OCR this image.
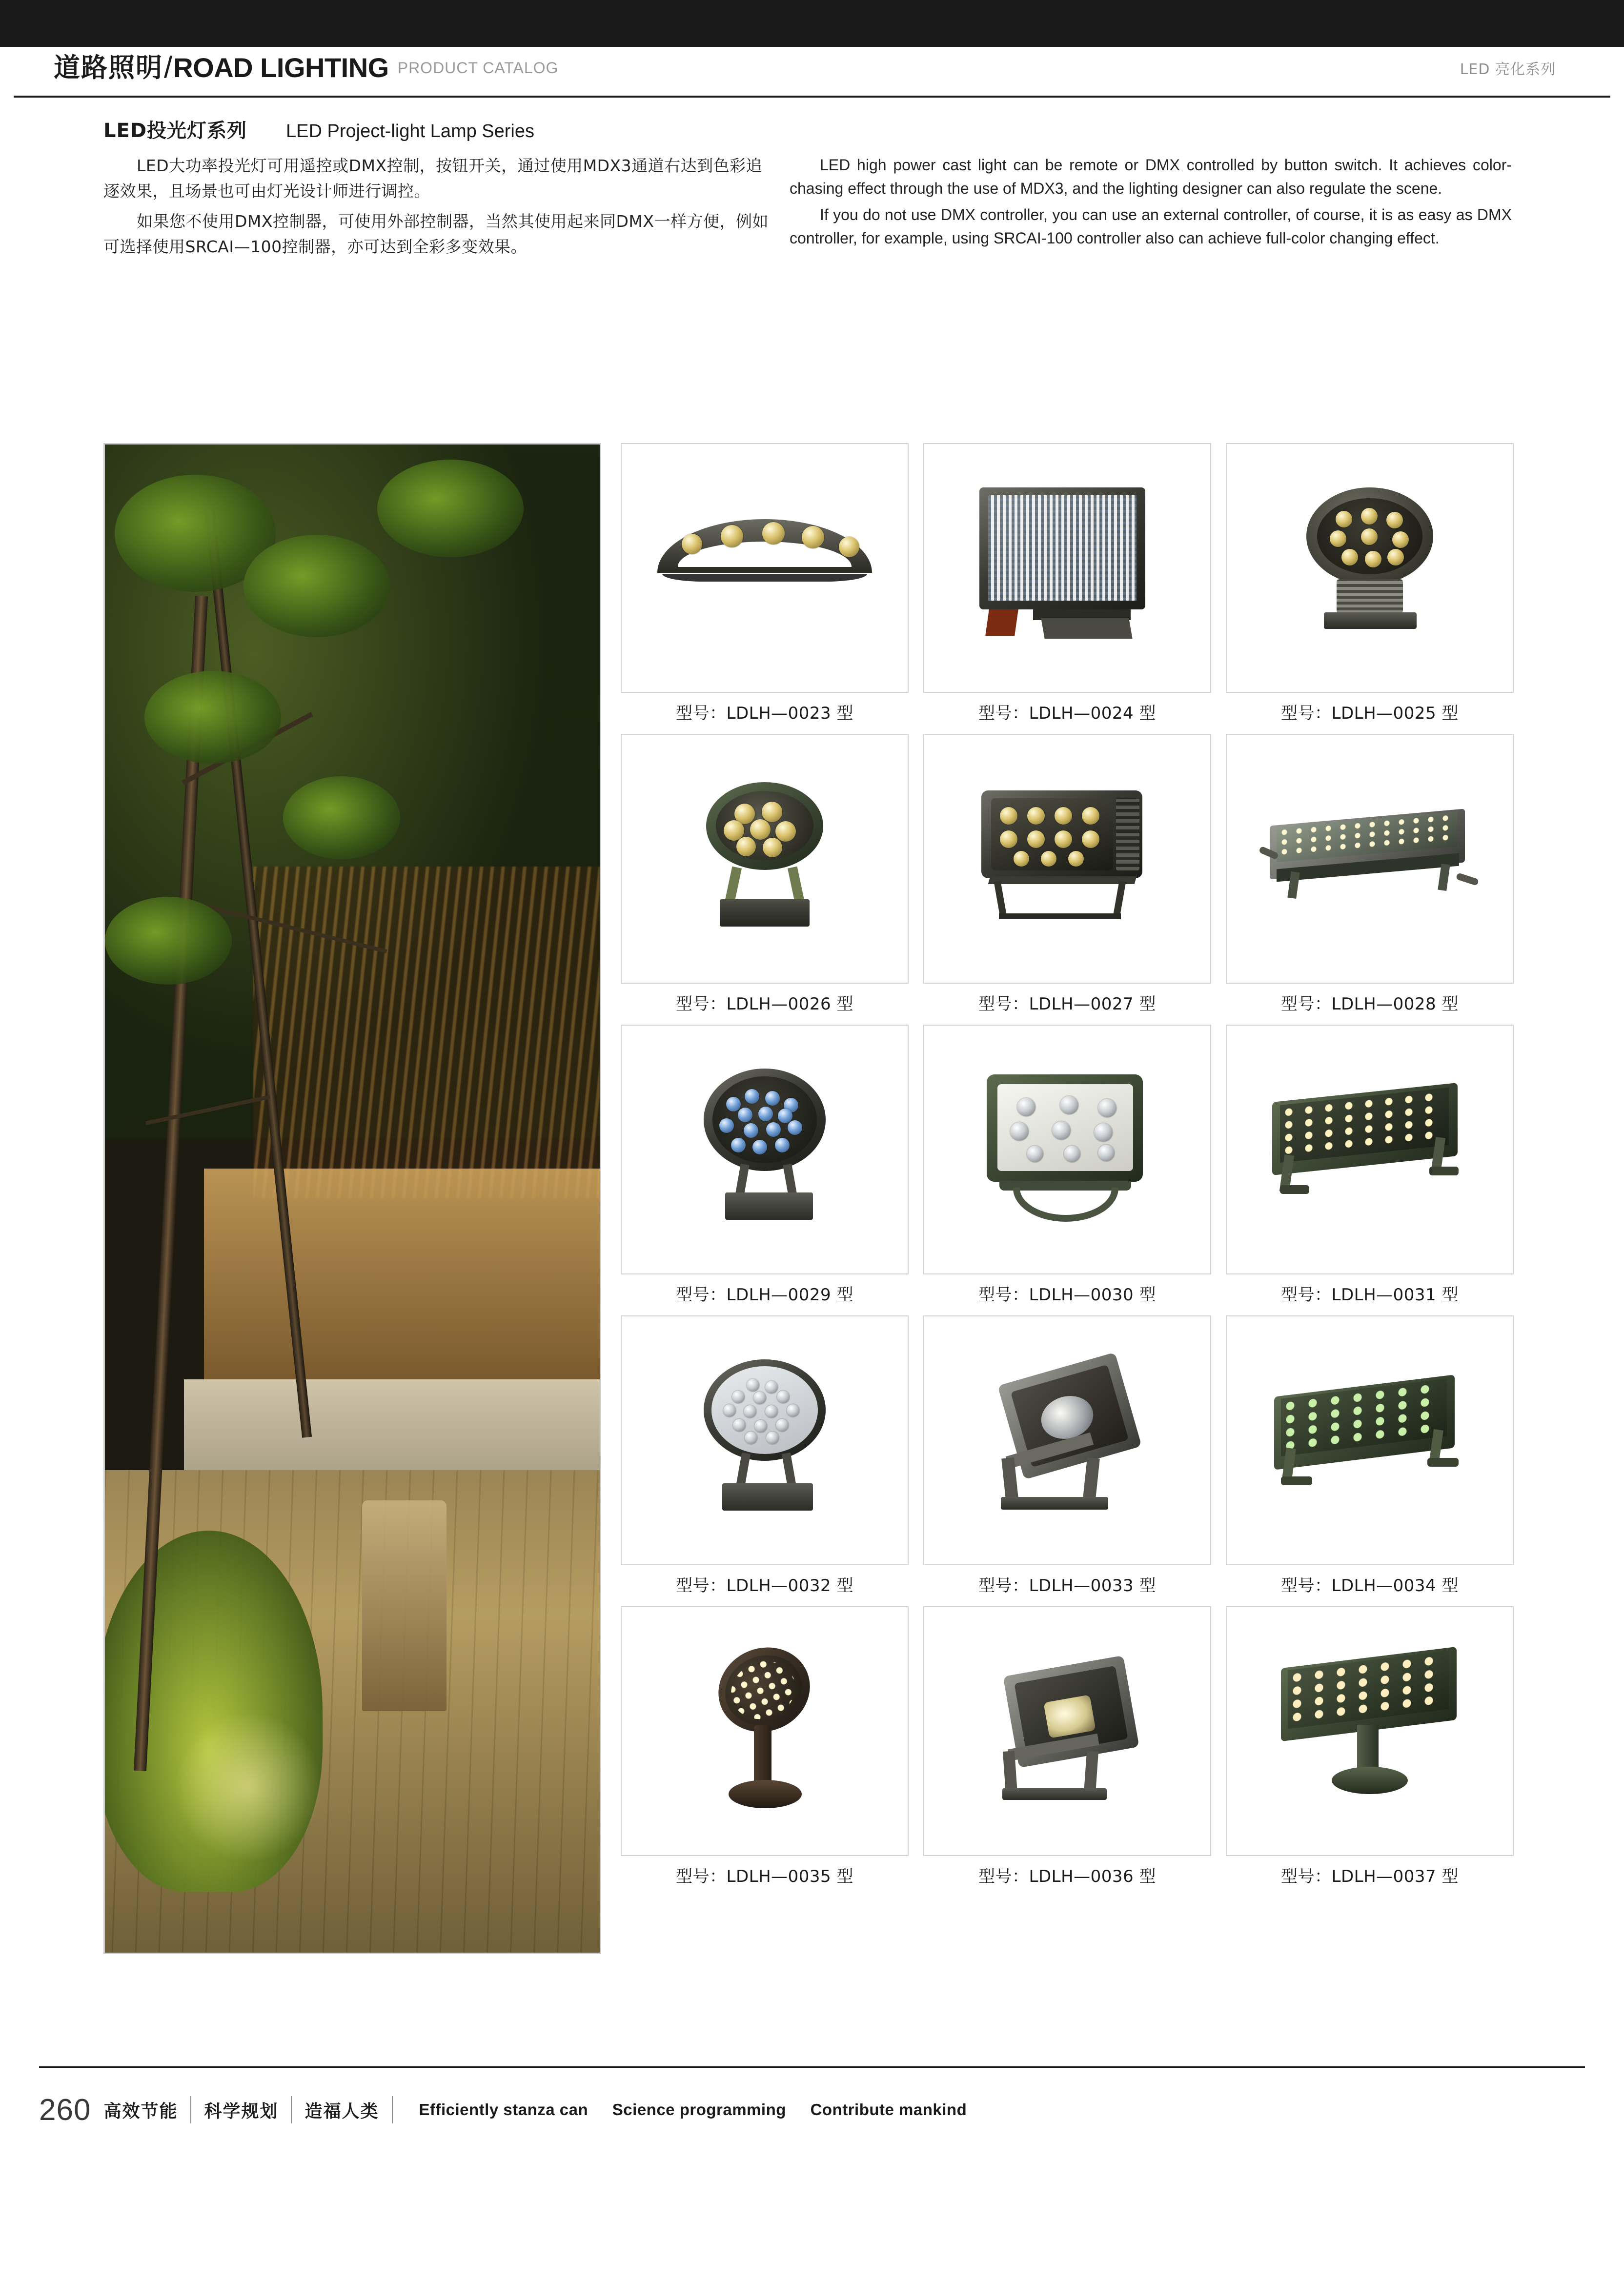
道路照明 / ROAD LIGHTING PRODUCT CATALOG	LED 亮化系列
LED投光灯系列 LED Project-light Lamp Series

LED大功率投光灯可用遥控或DMX控制，按钮开关，通过使用MDX3通道右达到色彩追逐效果，且场景也可由灯光设计师进行调控。

如果您不使用DMX控制器，可使用外部控制器，当然其使用起来同DMX一样方便，例如可选择使用SRCAI—100控制器，亦可达到全彩多变效果。

LED high power cast light can be remote or DMX controlled by button switch. It achieves color-chasing effect through the use of MDX3, and the lighting designer can also regulate the scene.

If you do not use DMX controller, you can use an external controller, of course, it is as easy as DMX controller, for example, using SRCAI-100 controller also can achieve full-color changing effect.

型号：LDLH—0023 型	型号：LDLH—0024 型	型号：LDLH—0025 型
型号：LDLH—0026 型	型号：LDLH—0027 型	型号：LDLH—0028 型
型号：LDLH—0029 型	型号：LDLH—0030 型	型号：LDLH—0031 型
型号：LDLH—0032 型	型号：LDLH—0033 型	型号：LDLH—0034 型
型号：LDLH—0035 型	型号：LDLH—0036 型	型号：LDLH—0037 型
260 高效节能	科学规划	造福人类	Efficiently stanza can Science programming Contribute mankind
